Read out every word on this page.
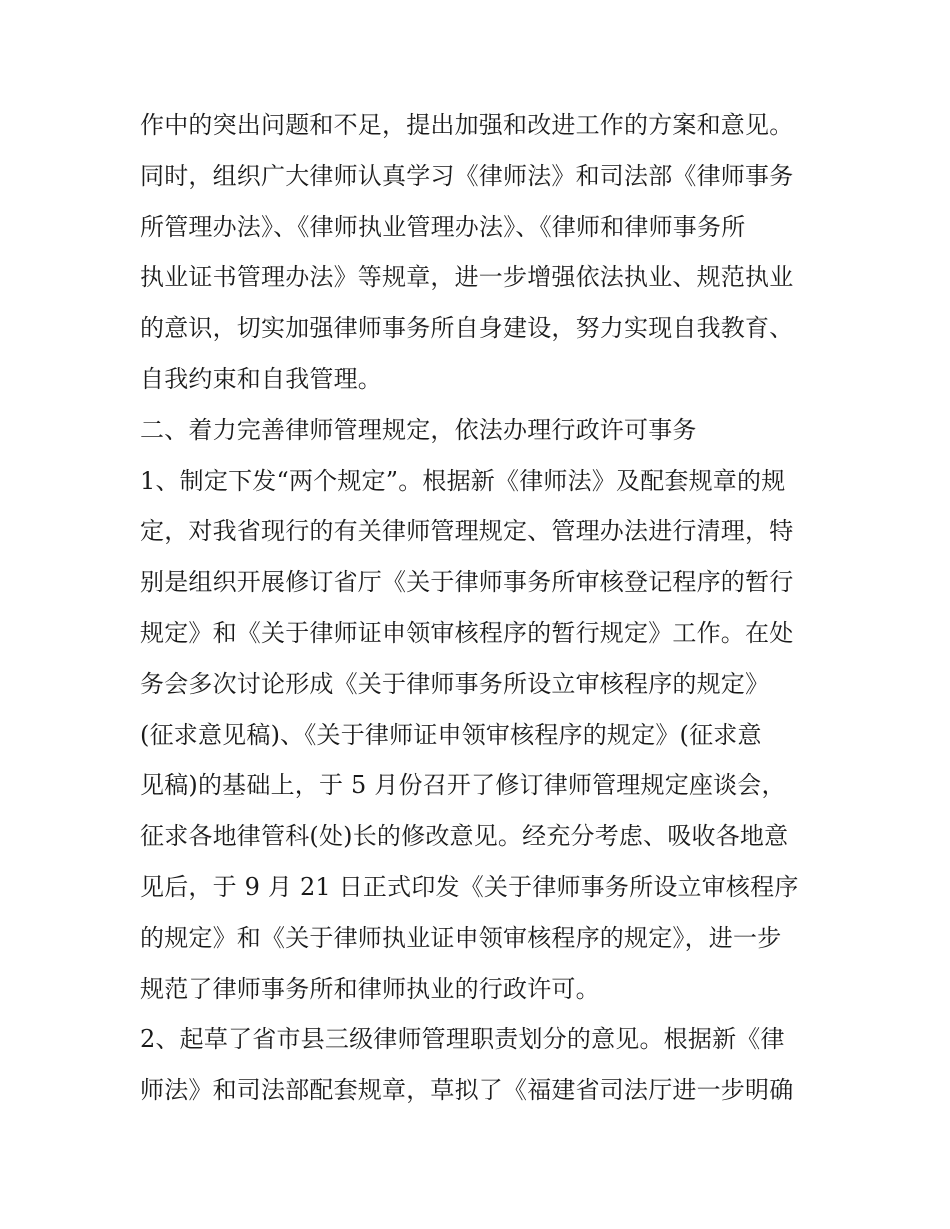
作中的突出问题和不足，提出加强和改进工作的方案和意见。
同时，组织广大律师认真学习《律师法》和司法部《律师事务
所管理办法》、《律师执业管理办法》、《律师和律师事务所
执业证书管理办法》等规章，进一步增强依法执业、规范执业
的意识，切实加强律师事务所自身建设，努力实现自我教育、
自我约束和自我管理。
二、着力完善律师管理规定，依法办理行政许可事务
1、制定下发“两个规定”。根据新《律师法》及配套规章的规
定，对我省现行的有关律师管理规定、管理办法进行清理，特
别是组织开展修订省厅《关于律师事务所审核登记程序的暂行
规定》和《关于律师证申领审核程序的暂行规定》工作。在处
务会多次讨论形成《关于律师事务所设立审核程序的规定》
(征求意见稿)、《关于律师证申领审核程序的规定》(征求意
见稿)的基础上，于 5 月份召开了修订律师管理规定座谈会，
征求各地律管科(处)长的修改意见。经充分考虑、吸收各地意
见后，于 9 月 21 日正式印发《关于律师事务所设立审核程序
的规定》和《关于律师执业证申领审核程序的规定》，进一步
规范了律师事务所和律师执业的行政许可。
2、起草了省市县三级律师管理职责划分的意见。根据新《律
师法》和司法部配套规章，草拟了《福建省司法厅进一步明确
